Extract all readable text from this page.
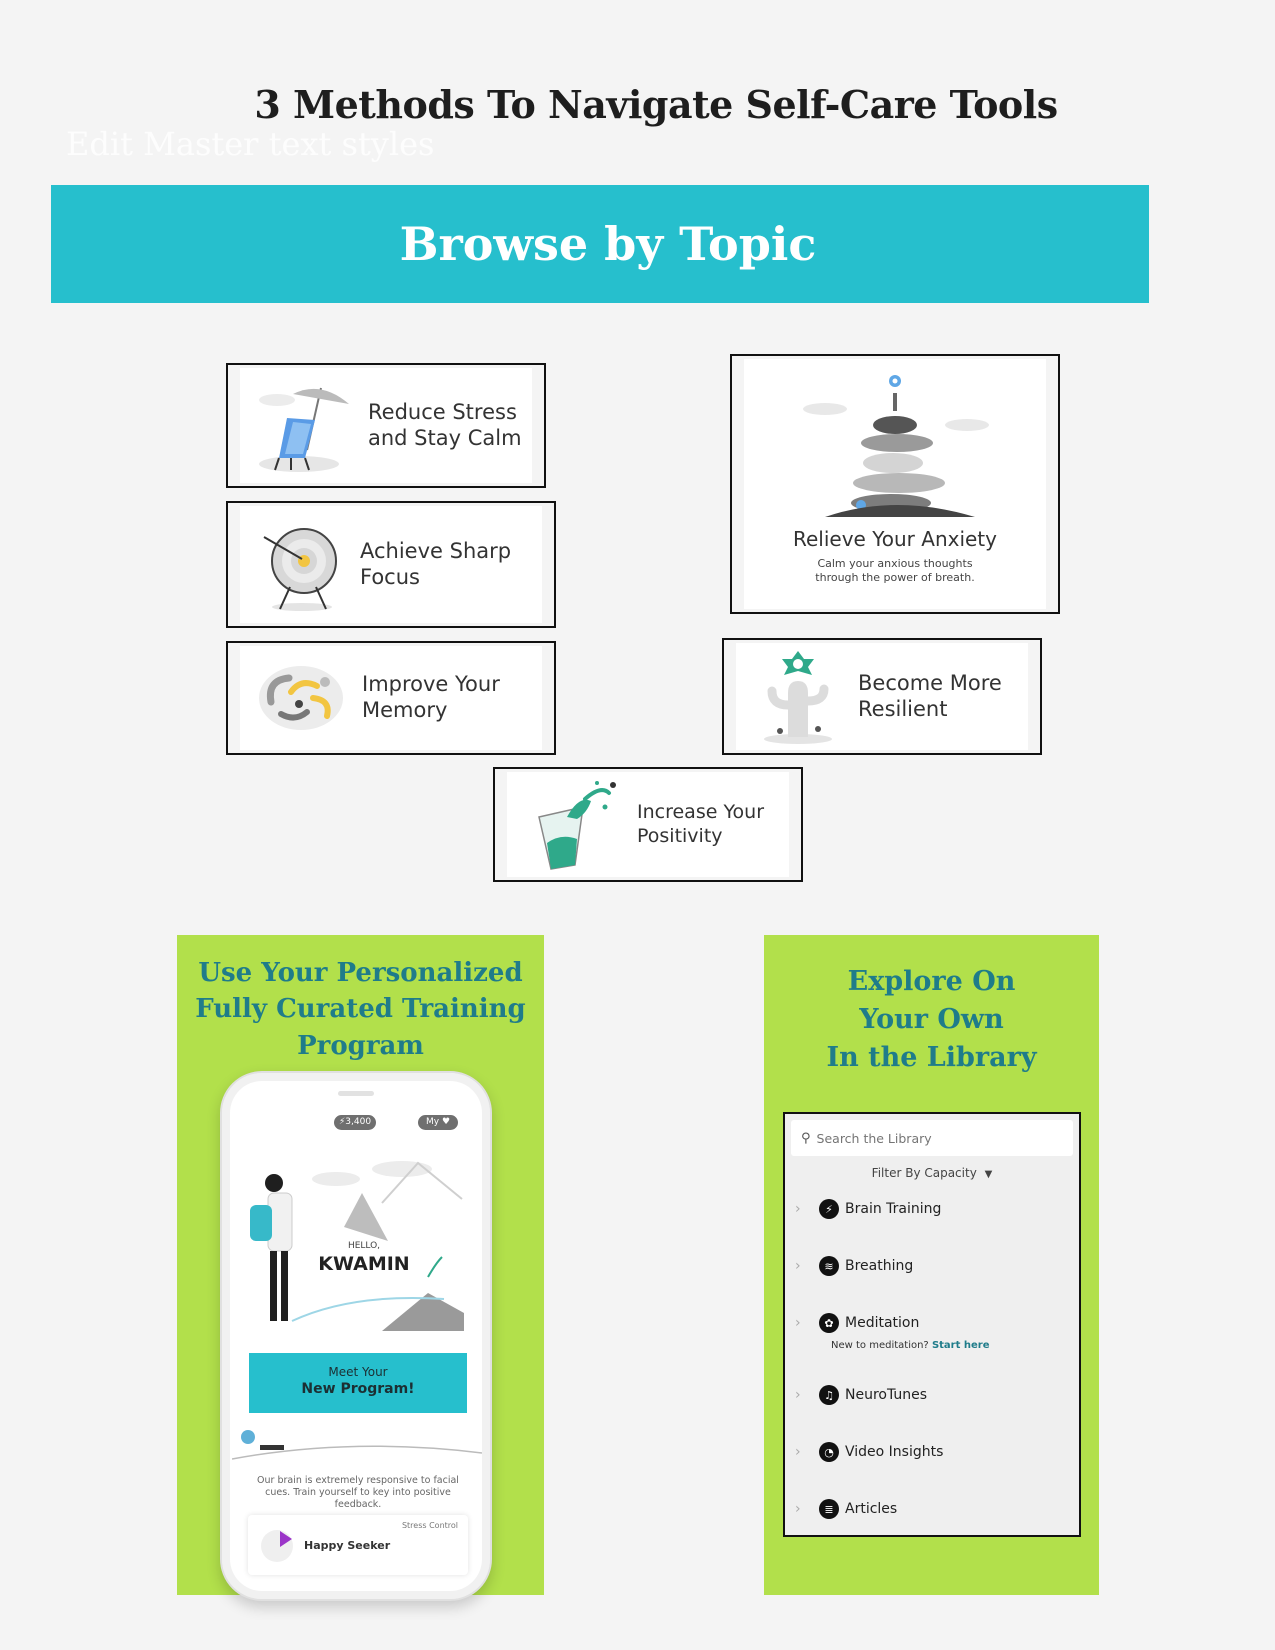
3 Methods To Navigate Self-Care Tools
Edit Master text styles
Browse by Topic
Reduce Stress
and Stay Calm
Achieve Sharp
Focus
Improve Your
Memory
Relieve Your Anxiety
Calm your anxious thoughts
through the power of breath.
Become More
Resilient
Increase Your
Positivity
Use Your Personalized
Fully Curated Training
Program
⚡3,400	My ♥
HELLO,
KWAMIN
Meet Your
New Program!
Our brain is extremely responsive to facial cues. Train yourself to key into positive feedback.
Stress Control
Happy Seeker
Explore On
Your Own
In the Library
⚲
Search the Library
Filter By Capacity ▼
›	⚡ Brain Training
›	≋ Breathing
›	✿ Meditation
New to meditation? Start here
›	♫ NeuroTunes
›	◔ Video Insights
›	≣ Articles
